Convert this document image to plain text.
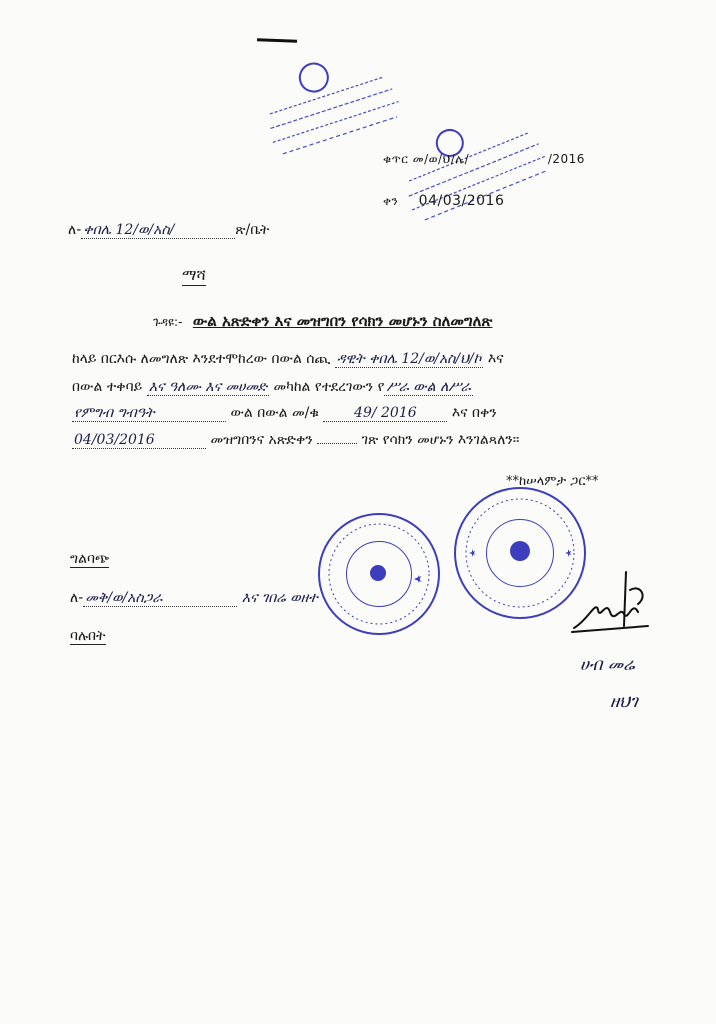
ቁጥር መ/ወ/ህ/ሌ/	/2016
ቀን 04/03/2016
ለ- ቀበሌ 12/ወ/አስ/	ጽ/ቤት
ማሻ
ጉዳዩ:- ውል አጽድቀን እና መዝግበን የሳክን መሆኑን ስለመግለጽ
ከላይ በርእሱ ለመግለጽ እንደተሞከረው በውል ሰጪ ዳዊት ቀበሌ 12/ወ/አስ/ህ/ኮ እና
በውል ተቀባይ እና ዓለሙ እና መሀመድ መካከል የተደረገውን የ ሥራ ውል ለሥራ
የምግብ ግብዓት	ውል በውል መ/ቁ	49/ 2016	እና በቀን
04/03/2016	መዝግበንና አጽድቀን	ገጽ የሳክን መሆኑን እንገልጻለን፡፡
**ከሠላምታ ጋር**
ግልባጭ
ለ- መቅ/ወ/አስጋራ	እና ገበሬ ወዘተ
ባሉበት
ሀብ መሬ
ዘህገ
